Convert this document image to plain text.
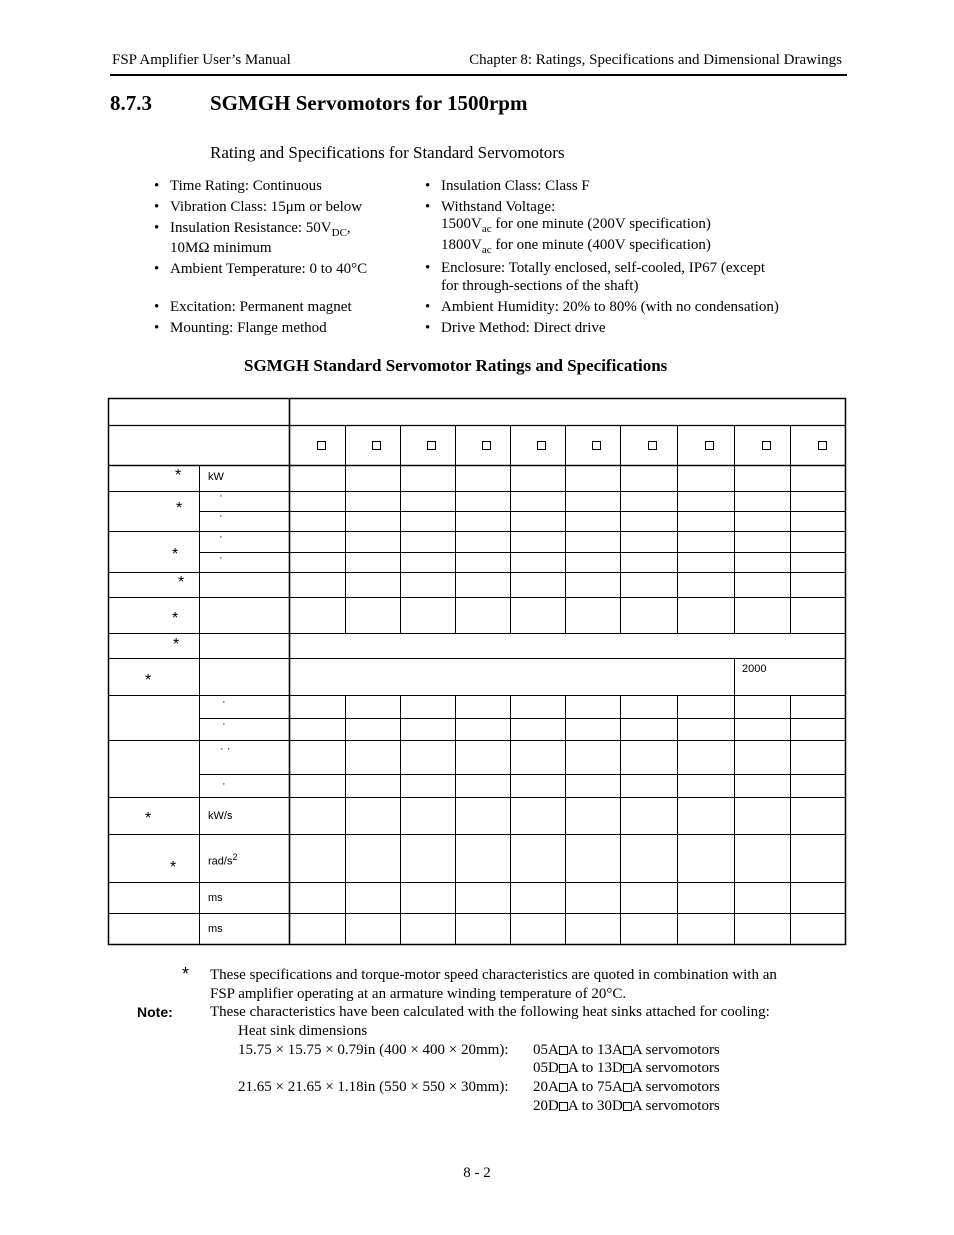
FSP Amplifier User’s Manual	Chapter 8: Ratings, Specifications and Dimensional Drawings
8.7.3	SGMGH Servomotors for 1500rpm
Rating and Specifications for Standard Servomotors
• Time Rating: Continuous
• Vibration Class: 15μm or below
• Insulation Resistance: $50V_{DC}$,
10MΩ minimum
• Ambient Temperature: 0 to 40°C
• Excitation: Permanent magnet
• Mounting: Flange method
• Insulation Class: Class F
• Withstand Voltage:
$1500V_{ac}$ for one minute (200V specification)
$1800V_{ac}$ for one minute (400V specification)
• Enclosure: Totally enclosed, self-cooled, IP67 (except
for through-sections of the shaft)
• Ambient Humidity: 20% to 80% (with no condensation)
• Drive Method: Direct drive
SGMGH Standard Servomotor Ratings and Specifications
*
*
*
*
*
*
*
*
*
kW
·
·
·
·
·
·
· ·
·
kW/s
rad/$s^2$
ms
ms
2000
* These specifications and torque-motor speed characteristics are quoted in combination with an
FSP amplifier operating at an armature winding temperature of 20°C.
Note: These characteristics have been calculated with the following heat sinks attached for cooling:
Heat sink dimensions
15.75 × 15.75 × 0.79in (400 × 400 × 20mm): 05A A to 13A A servomotors
05D A to 13D A servomotors
21.65 × 21.65 × 1.18in (550 × 550 × 30mm): 20A A to 75A A servomotors
20D A to 30D A servomotors
8 - 2
